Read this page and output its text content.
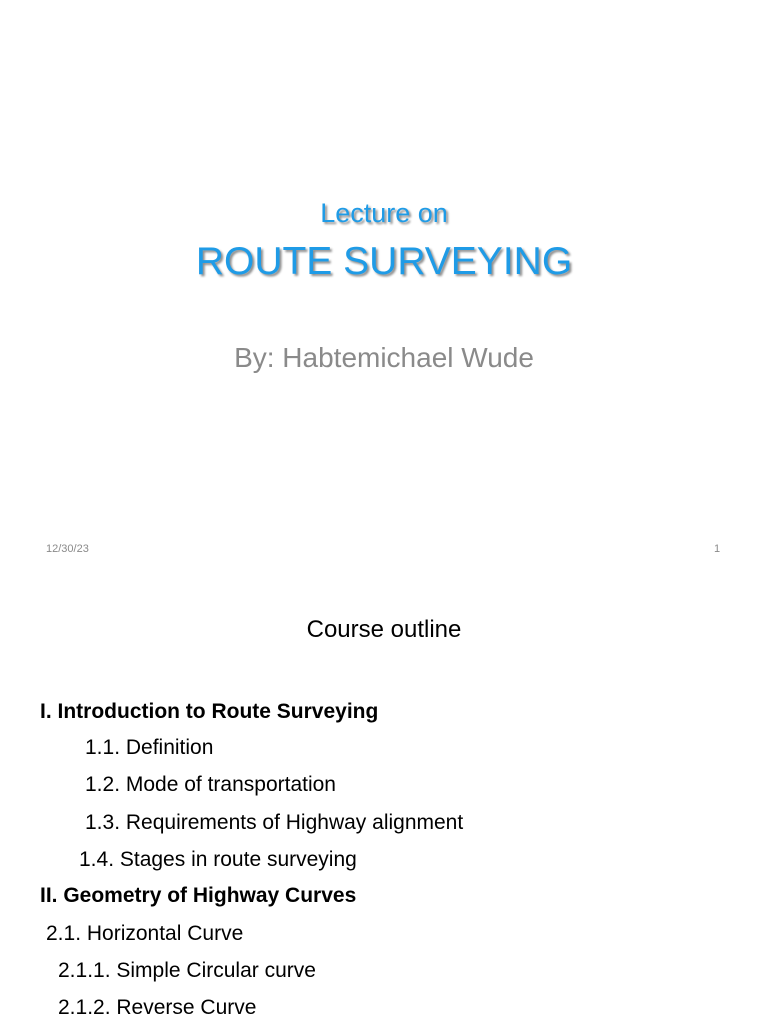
Lecture on
ROUTE SURVEYING
By: Habtemichael Wude
12/30/23	1
Course outline
I. Introduction to Route Surveying
1.1. Definition
1.2. Mode of transportation
1.3. Requirements of Highway alignment
1.4. Stages in route surveying
II. Geometry of Highway Curves
2.1. Horizontal Curve
2.1.1. Simple Circular curve
2.1.2. Reverse Curve
